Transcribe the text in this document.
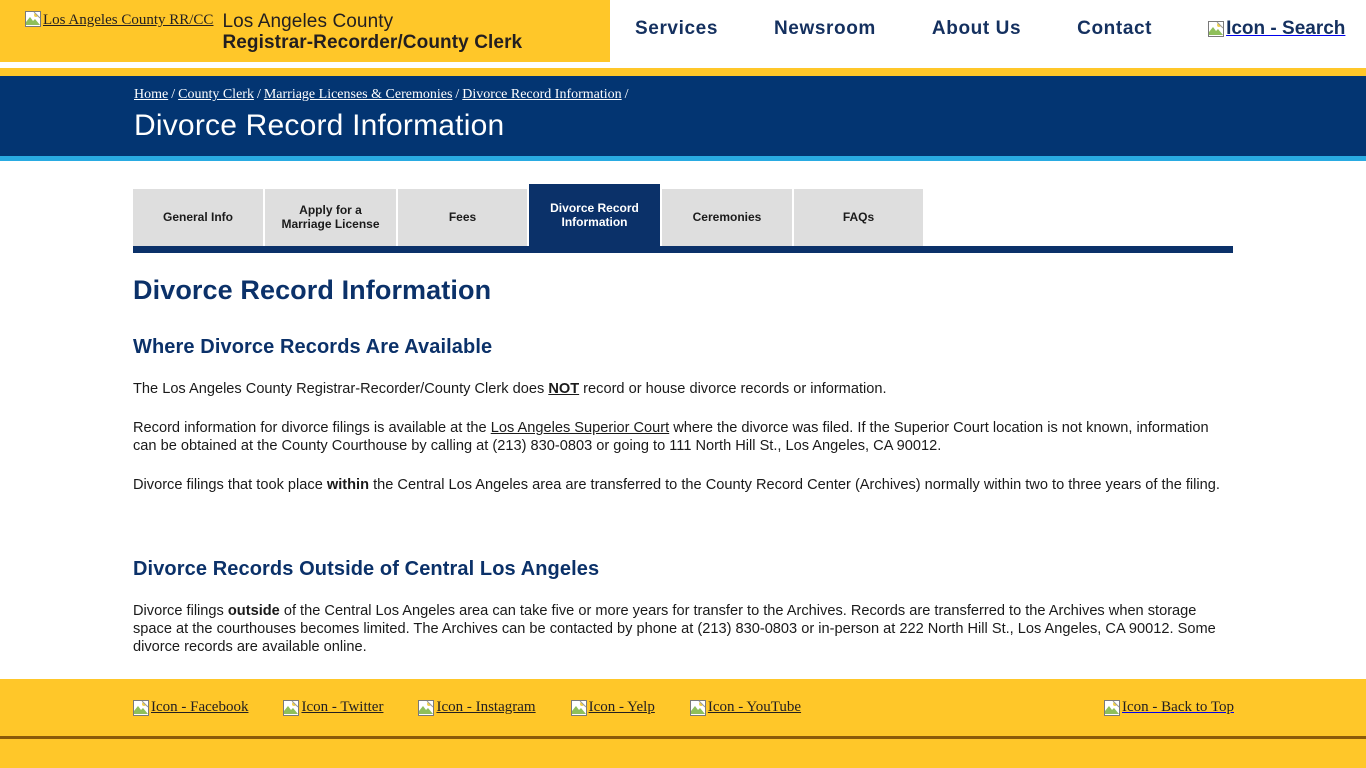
Los Angeles County RR/CC Los Angeles County
Registrar-Recorder/County Clerk
Services	Newsroom	About Us	Contact	Icon - Search
Home / County Clerk / Marriage Licenses & Ceremonies / Divorce Record Information /
Divorce Record Information
General Info
Apply for a
Marriage License
Fees
Divorce Record
Information	Ceremonies	FAQs
Divorce Record Information
Where Divorce Records Are Available

The Los Angeles County Registrar-Recorder/County Clerk does NOT record or house divorce records or information.

Record information for divorce filings is available at the Los Angeles Superior Court where the divorce was filed. If the Superior Court location is not known, information can be obtained at the County Courthouse by calling at (213) 830-0803 or going to 111 North Hill St., Los Angeles, CA 90012.

Divorce filings that took place within the Central Los Angeles area are transferred to the County Record Center (Archives) normally within two to three years of the filing.

Divorce Records Outside of Central Los Angeles

Divorce filings outside of the Central Los Angeles area can take five or more years for transfer to the Archives. Records are transferred to the Archives when storage space at the courthouses becomes limited. The Archives can be contacted by phone at (213) 830-0803 or in-person at 222 North Hill St., Los Angeles, CA 90012. Some divorce records are available online.

Icon - Facebook	Icon - Twitter	Icon - Instagram	Icon - Yelp	Icon - YouTube	Icon - Back to Top
